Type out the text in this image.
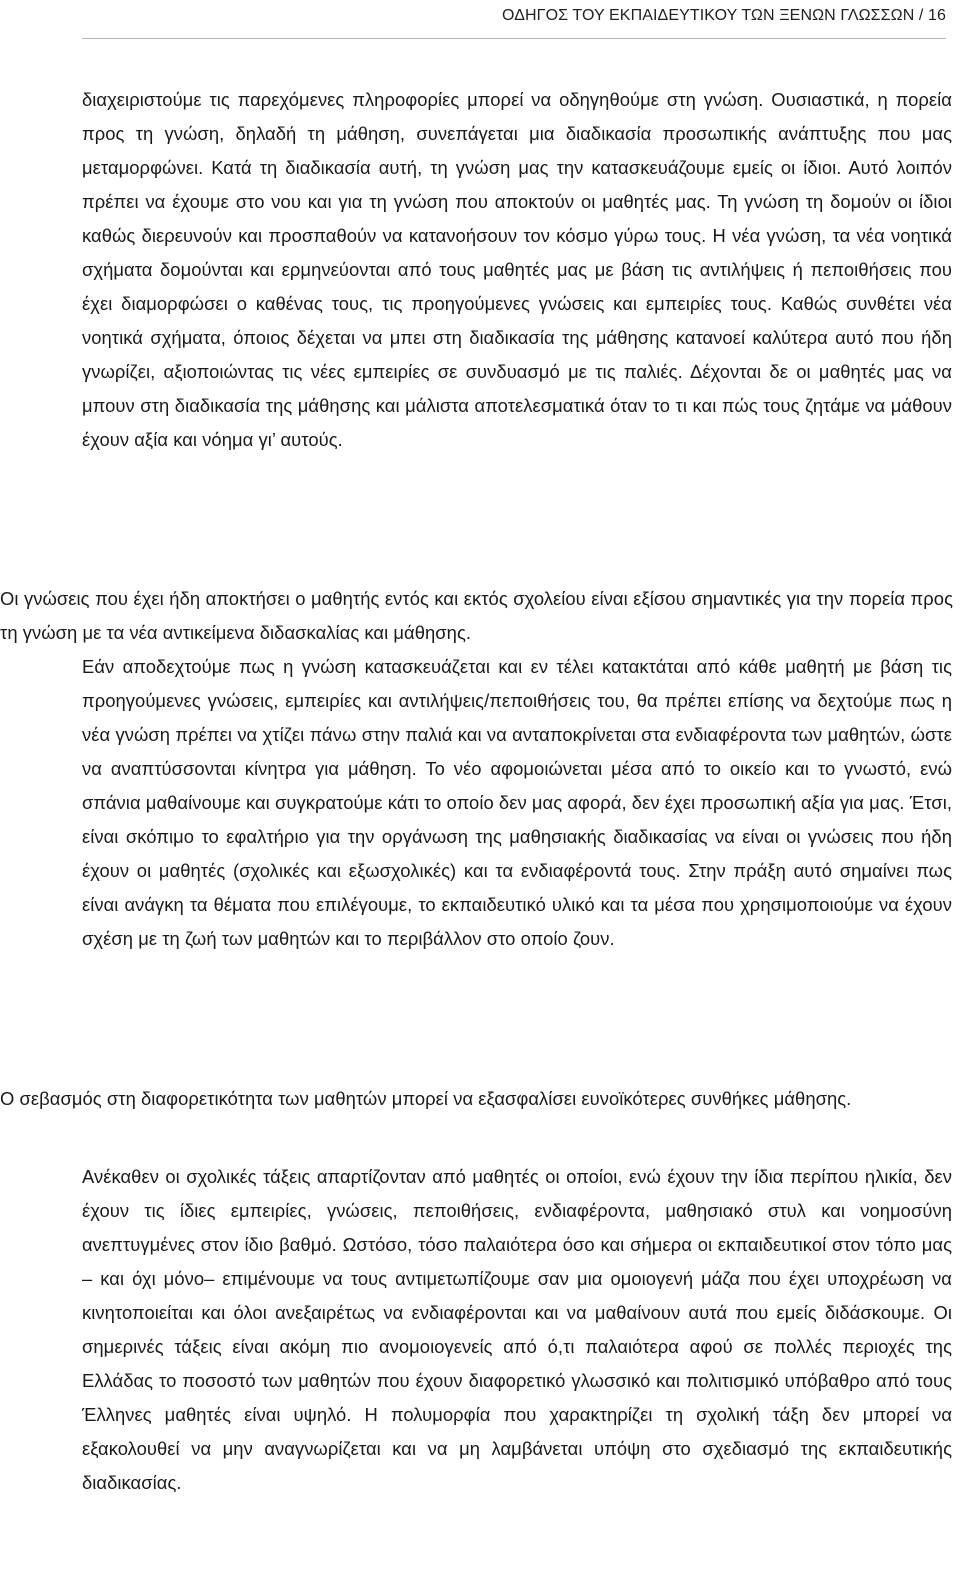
ΟΔΗΓΟΣ ΤΟΥ ΕΚΠΑΙΔΕΥΤΙΚΟΥ ΤΩΝ ΞΕΝΩΝ ΓΛΩΣΣΩΝ / 16

διαχειριστούμε τις παρεχόμενες πληροφορίες μπορεί να οδηγηθούμε στη γνώση. Ουσιαστικά, η πορεία προς τη γνώση, δηλαδή τη μάθηση, συνεπάγεται μια διαδικασία προσωπικής ανάπτυξης που μας μεταμορφώνει. Κατά τη διαδικασία αυτή, τη γνώση μας την κατασκευάζουμε εμείς οι ίδιοι. Αυτό λοιπόν πρέπει να έχουμε στο νου και για τη γνώση που αποκτούν οι μαθητές μας. Τη γνώση τη δομούν οι ίδιοι καθώς διερευνούν και προσπαθούν να κατανοήσουν τον κόσμο γύρω τους. Η νέα γνώση, τα νέα νοητικά σχήματα δομούνται και ερμηνεύονται από τους μαθητές μας με βάση τις αντιλήψεις ή πεποιθήσεις που έχει διαμορφώσει ο καθένας τους, τις προηγούμενες γνώσεις και εμπειρίες τους. Καθώς συνθέτει νέα νοητικά σχήματα, όποιος δέχεται να μπει στη διαδικασία της μάθησης κατανοεί καλύτερα αυτό που ήδη γνωρίζει, αξιοποιώντας τις νέες εμπειρίες σε συνδυασμό με τις παλιές. Δέχονται δε οι μαθητές μας να μπουν στη διαδικασία της μάθησης και μάλιστα αποτελεσματικά όταν το τι και πώς τους ζητάμε να μάθουν έχουν αξία και νόημα γι’ αυτούς.

Οι γνώσεις που έχει ήδη αποκτήσει ο μαθητής εντός και εκτός σχολείου είναι εξίσου σημαντικές για την πορεία προς τη γνώση με τα νέα αντικείμενα διδασκαλίας και μάθησης.

Εάν αποδεχτούμε πως η γνώση κατασκευάζεται και εν τέλει κατακτάται από κάθε μαθητή με βάση τις προηγούμενες γνώσεις, εμπειρίες και αντιλήψεις/πεποιθήσεις του, θα πρέπει επίσης να δεχτούμε πως η νέα γνώση πρέπει να χτίζει πάνω στην παλιά και να ανταποκρίνεται στα ενδιαφέροντα των μαθητών, ώστε να αναπτύσσονται κίνητρα για μάθηση. Το νέο αφομοιώνεται μέσα από το οικείο και το γνωστό, ενώ σπάνια μαθαίνουμε και συγκρατούμε κάτι το οποίο δεν μας αφορά, δεν έχει προσωπική αξία για μας. Έτσι, είναι σκόπιμο το εφαλτήριο για την οργάνωση της μαθησιακής διαδικασίας να είναι οι γνώσεις που ήδη έχουν οι μαθητές (σχολικές και εξωσχολικές) και τα ενδιαφέροντά τους. Στην πράξη αυτό σημαίνει πως είναι ανάγκη τα θέματα που επιλέγουμε, το εκπαιδευτικό υλικό και τα μέσα που χρησιμοποιούμε να έχουν σχέση με τη ζωή των μαθητών και το περιβάλλον στο οποίο ζουν.

Ο σεβασμός στη διαφορετικότητα των μαθητών μπορεί να εξασφαλίσει ευνοϊκότερες συνθήκες μάθησης.

Ανέκαθεν οι σχολικές τάξεις απαρτίζονταν από μαθητές οι οποίοι, ενώ έχουν την ίδια περίπου ηλικία, δεν έχουν τις ίδιες εμπειρίες, γνώσεις, πεποιθήσεις, ενδιαφέροντα, μαθησιακό στυλ και νοημοσύνη ανεπτυγμένες στον ίδιο βαθμό. Ωστόσο, τόσο παλαιότερα όσο και σήμερα οι εκπαιδευτικοί στον τόπο μας – και όχι μόνο– επιμένουμε να τους αντιμετωπίζουμε σαν μια ομοιογενή μάζα που έχει υποχρέωση να κινητοποιείται και όλοι ανεξαιρέτως να ενδιαφέρονται και να μαθαίνουν αυτά που εμείς διδάσκουμε. Οι σημερινές τάξεις είναι ακόμη πιο ανομοιογενείς από ό,τι παλαιότερα αφού σε πολλές περιοχές της Ελλάδας το ποσοστό των μαθητών που έχουν διαφορετικό γλωσσικό και πολιτισμικό υπόβαθρο από τους Έλληνες μαθητές είναι υψηλό. Η πολυμορφία που χαρακτηρίζει τη σχολική τάξη δεν μπορεί να εξακολουθεί να μην αναγνωρίζεται και να μη λαμβάνεται υπόψη στο σχεδιασμό της εκπαιδευτικής διαδικασίας.
